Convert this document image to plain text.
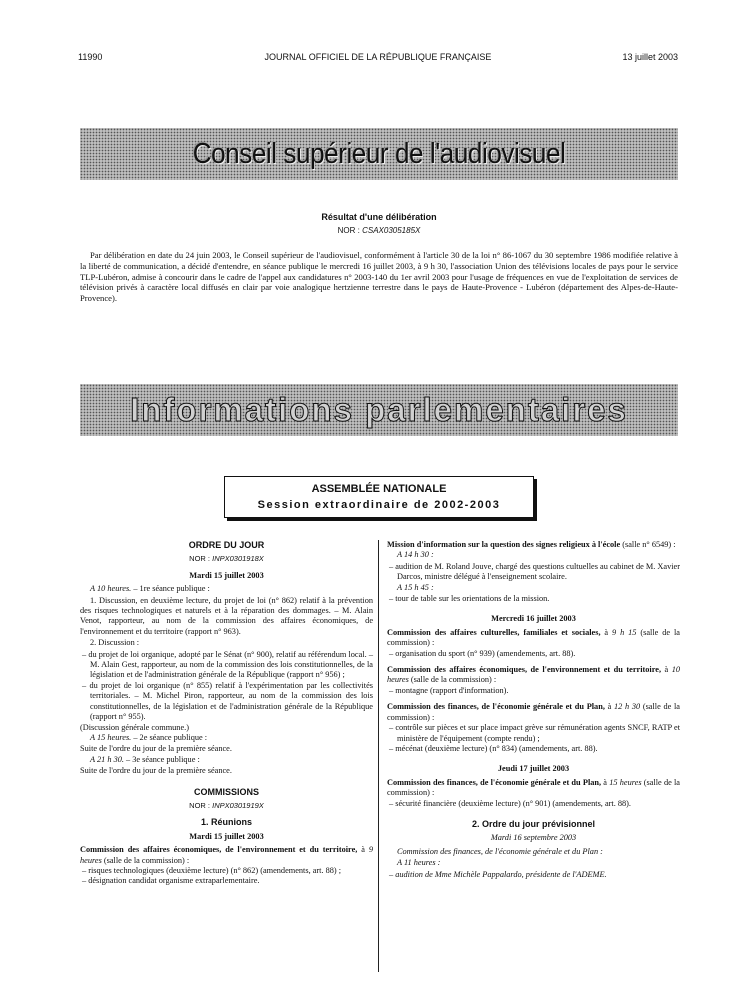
11990	JOURNAL OFFICIEL DE LA RÉPUBLIQUE FRANÇAISE	13 juillet 2003
Conseil supérieur de l'audiovisuel
Résultat d'une délibération
NOR : CSAX0305185X
Par délibération en date du 24 juin 2003, le Conseil supérieur de l'audiovisuel, conformément à l'article 30 de la loi n° 86-1067 du 30 septembre 1986 modifiée relative à la liberté de communication, a décidé d'entendre, en séance publique le mercredi 16 juillet 2003, à 9 h 30, l'association Union des télévisions locales de pays pour le service TLP-Lubéron, admise à concourir dans le cadre de l'appel aux candidatures n° 2003-140 du 1er avril 2003 pour l'usage de fréquences en vue de l'exploitation de services de télévision privés à caractère local diffusés en clair par voie analogique hertzienne terrestre dans le pays de Haute-Provence - Lubéron (département des Alpes-de-Haute-Provence).
Informations parlementaires
ASSEMBLÉE NATIONALE
Session extraordinaire de 2002-2003
ORDRE DU JOUR
NOR : INPX0301918X
Mardi 15 juillet 2003
A 10 heures. – 1re séance publique :
1. Discussion, en deuxième lecture, du projet de loi (n° 862) relatif à la prévention des risques technologiques et naturels et à la réparation des dommages. – M. Alain Venot, rapporteur, au nom de la commission des affaires économiques, de l'environnement et du territoire (rapport n° 963).
2. Discussion :
– du projet de loi organique, adopté par le Sénat (n° 900), relatif au référendum local. – M. Alain Gest, rapporteur, au nom de la commission des lois constitutionnelles, de la législation et de l'administration générale de la République (rapport n° 956) ;
– du projet de loi organique (n° 855) relatif à l'expérimentation par les collectivités territoriales. – M. Michel Piron, rapporteur, au nom de la commission des lois constitutionnelles, de la législation et de l'administration générale de la République (rapport n° 955).
(Discussion générale commune.)
A 15 heures. – 2e séance publique :
Suite de l'ordre du jour de la première séance.
A 21 h 30. – 3e séance publique :
Suite de l'ordre du jour de la première séance.
COMMISSIONS
NOR : INPX0301919X
1. Réunions
Mardi 15 juillet 2003
Commission des affaires économiques, de l'environnement et du territoire, à 9 heures (salle de la commission) :
– risques technologiques (deuxième lecture) (n° 862) (amendements, art. 88) ;
– désignation candidat organisme extraparlementaire.
Mission d'information sur la question des signes religieux à l'école (salle n° 6549) :
A 14 h 30 :
– audition de M. Roland Jouve, chargé des questions cultuelles au cabinet de M. Xavier Darcos, ministre délégué à l'enseignement scolaire.
A 15 h 45 :
– tour de table sur les orientations de la mission.
Mercredi 16 juillet 2003
Commission des affaires culturelles, familiales et sociales, à 9 h 15 (salle de la commission) :
– organisation du sport (n° 939) (amendements, art. 88).
Commission des affaires économiques, de l'environnement et du territoire, à 10 heures (salle de la commission) :
– montagne (rapport d'information).
Commission des finances, de l'économie générale et du Plan, à 12 h 30 (salle de la commission) :
– contrôle sur pièces et sur place impact grève sur rémunération agents SNCF, RATP et ministère de l'équipement (compte rendu) ;
– mécénat (deuxième lecture) (n° 834) (amendements, art. 88).
Jeudi 17 juillet 2003
Commission des finances, de l'économie générale et du Plan, à 15 heures (salle de la commission) :
– sécurité financière (deuxième lecture) (n° 901) (amendements, art. 88).
2. Ordre du jour prévisionnel
Mardi 16 septembre 2003
Commission des finances, de l'économie générale et du Plan :
A 11 heures :
– audition de Mme Michèle Pappalardo, présidente de l'ADEME.
